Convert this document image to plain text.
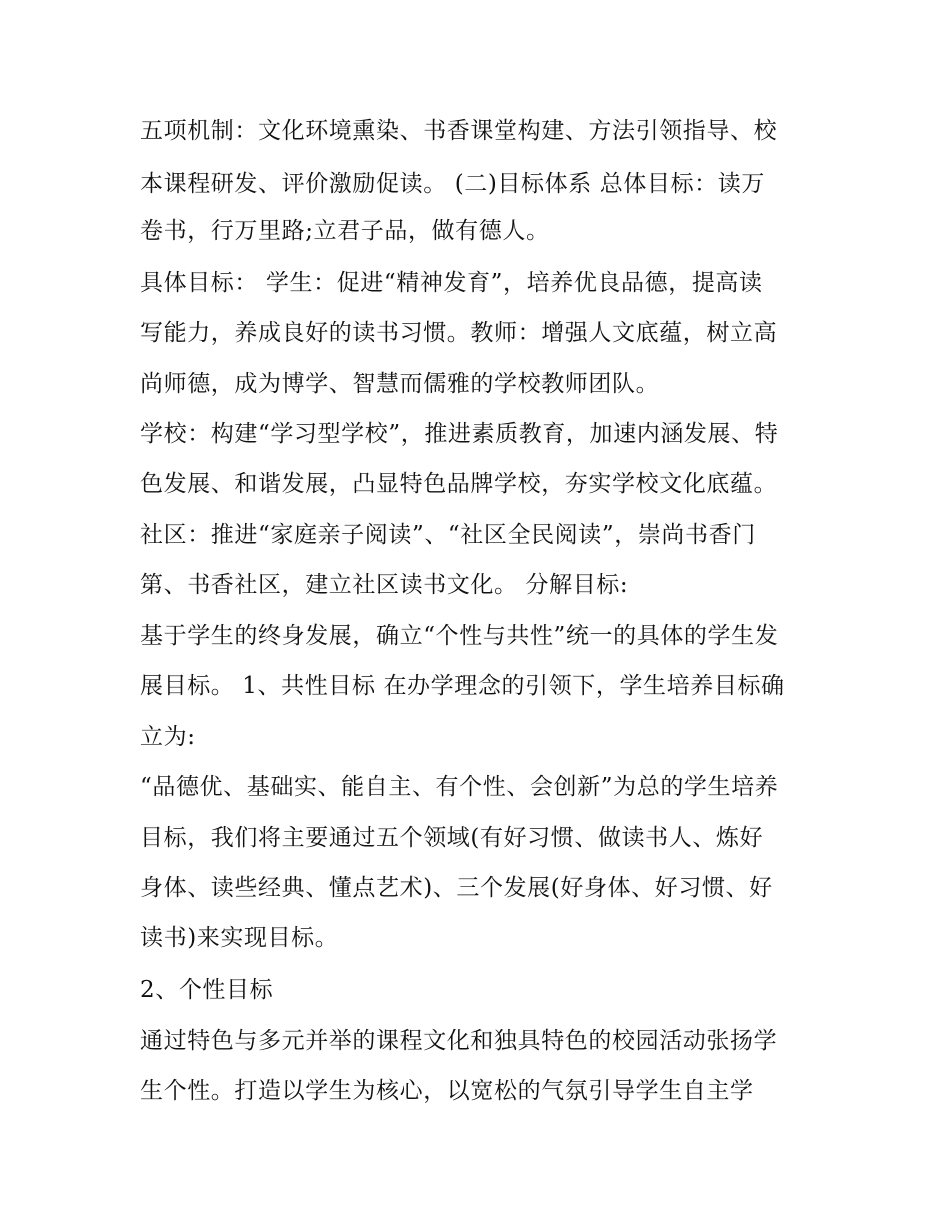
五项机制：文化环境熏染、书香课堂构建、方法引领指导、校
本课程研发、评价激励促读。 (二)目标体系 总体目标：读万
卷书，行万里路;立君子品，做有德人。
具体目标： 学生：促进“精神发育”，培养优良品德，提高读
写能力，养成良好的读书习惯。教师：增强人文底蕴，树立高
尚师德，成为博学、智慧而儒雅的学校教师团队。
学校：构建“学习型学校”，推进素质教育，加速内涵发展、特
色发展、和谐发展，凸显特色品牌学校，夯实学校文化底蕴。
社区：推进“家庭亲子阅读”、“社区全民阅读”，崇尚书香门
第、书香社区，建立社区读书文化。 分解目标:
基于学生的终身发展，确立“个性与共性”统一的具体的学生发
展目标。 1、共性目标 在办学理念的引领下，学生培养目标确
立为:
“品德优、基础实、能自主、有个性、会创新”为总的学生培养
目标，我们将主要通过五个领域(有好习惯、做读书人、炼好
身体、读些经典、懂点艺术)、三个发展(好身体、好习惯、好
读书)来实现目标。
2、个性目标
通过特色与多元并举的课程文化和独具特色的校园活动张扬学
生个性。打造以学生为核心，以宽松的气氛引导学生自主学
